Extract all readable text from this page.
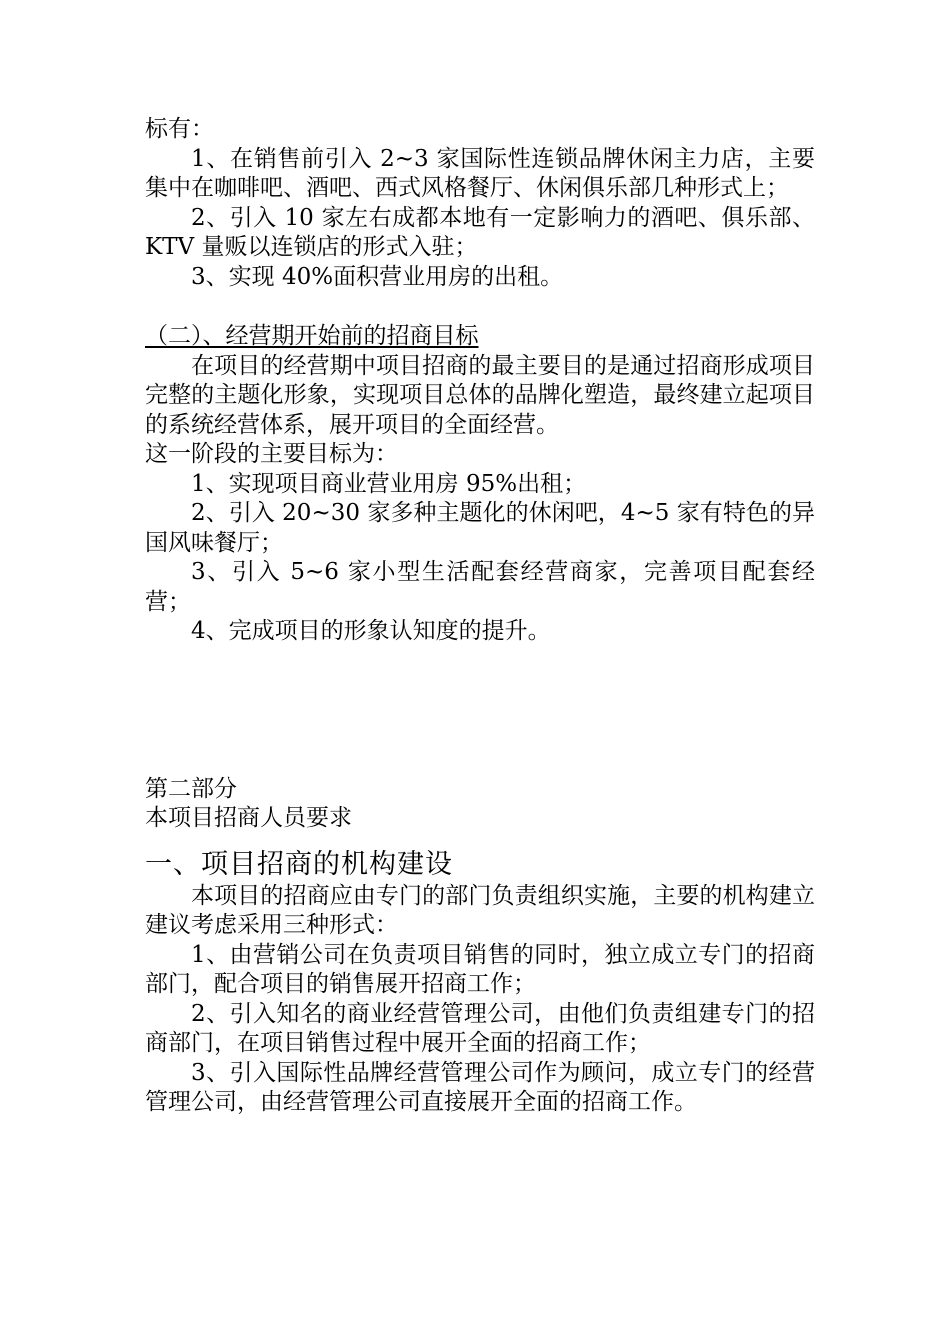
标有：

1、在销售前引入 2~3 家国际性连锁品牌休闲主力店，主要集中在咖啡吧、酒吧、西式风格餐厅、休闲俱乐部几种形式上；

2、引入 10 家左右成都本地有一定影响力的酒吧、俱乐部、KTV 量贩以连锁店的形式入驻；

3、实现 40%面积营业用房的出租。

（二）、经营期开始前的招商目标

在项目的经营期中项目招商的最主要目的是通过招商形成项目完整的主题化形象，实现项目总体的品牌化塑造，最终建立起项目的系统经营体系，展开项目的全面经营。

这一阶段的主要目标为：

1、实现项目商业营业用房 95%出租；

2、引入 20~30 家多种主题化的休闲吧，4~5 家有特色的异国风味餐厅；

3、引入 5~6 家小型生活配套经营商家，完善项目配套经营；

4、完成项目的形象认知度的提升。

第二部分

本项目招商人员要求

一、项目招商的机构建设

本项目的招商应由专门的部门负责组织实施，主要的机构建立建议考虑采用三种形式：

1、由营销公司在负责项目销售的同时，独立成立专门的招商部门，配合项目的销售展开招商工作；

2、引入知名的商业经营管理公司，由他们负责组建专门的招商部门，在项目销售过程中展开全面的招商工作；

3、引入国际性品牌经营管理公司作为顾问，成立专门的经营管理公司，由经营管理公司直接展开全面的招商工作。
